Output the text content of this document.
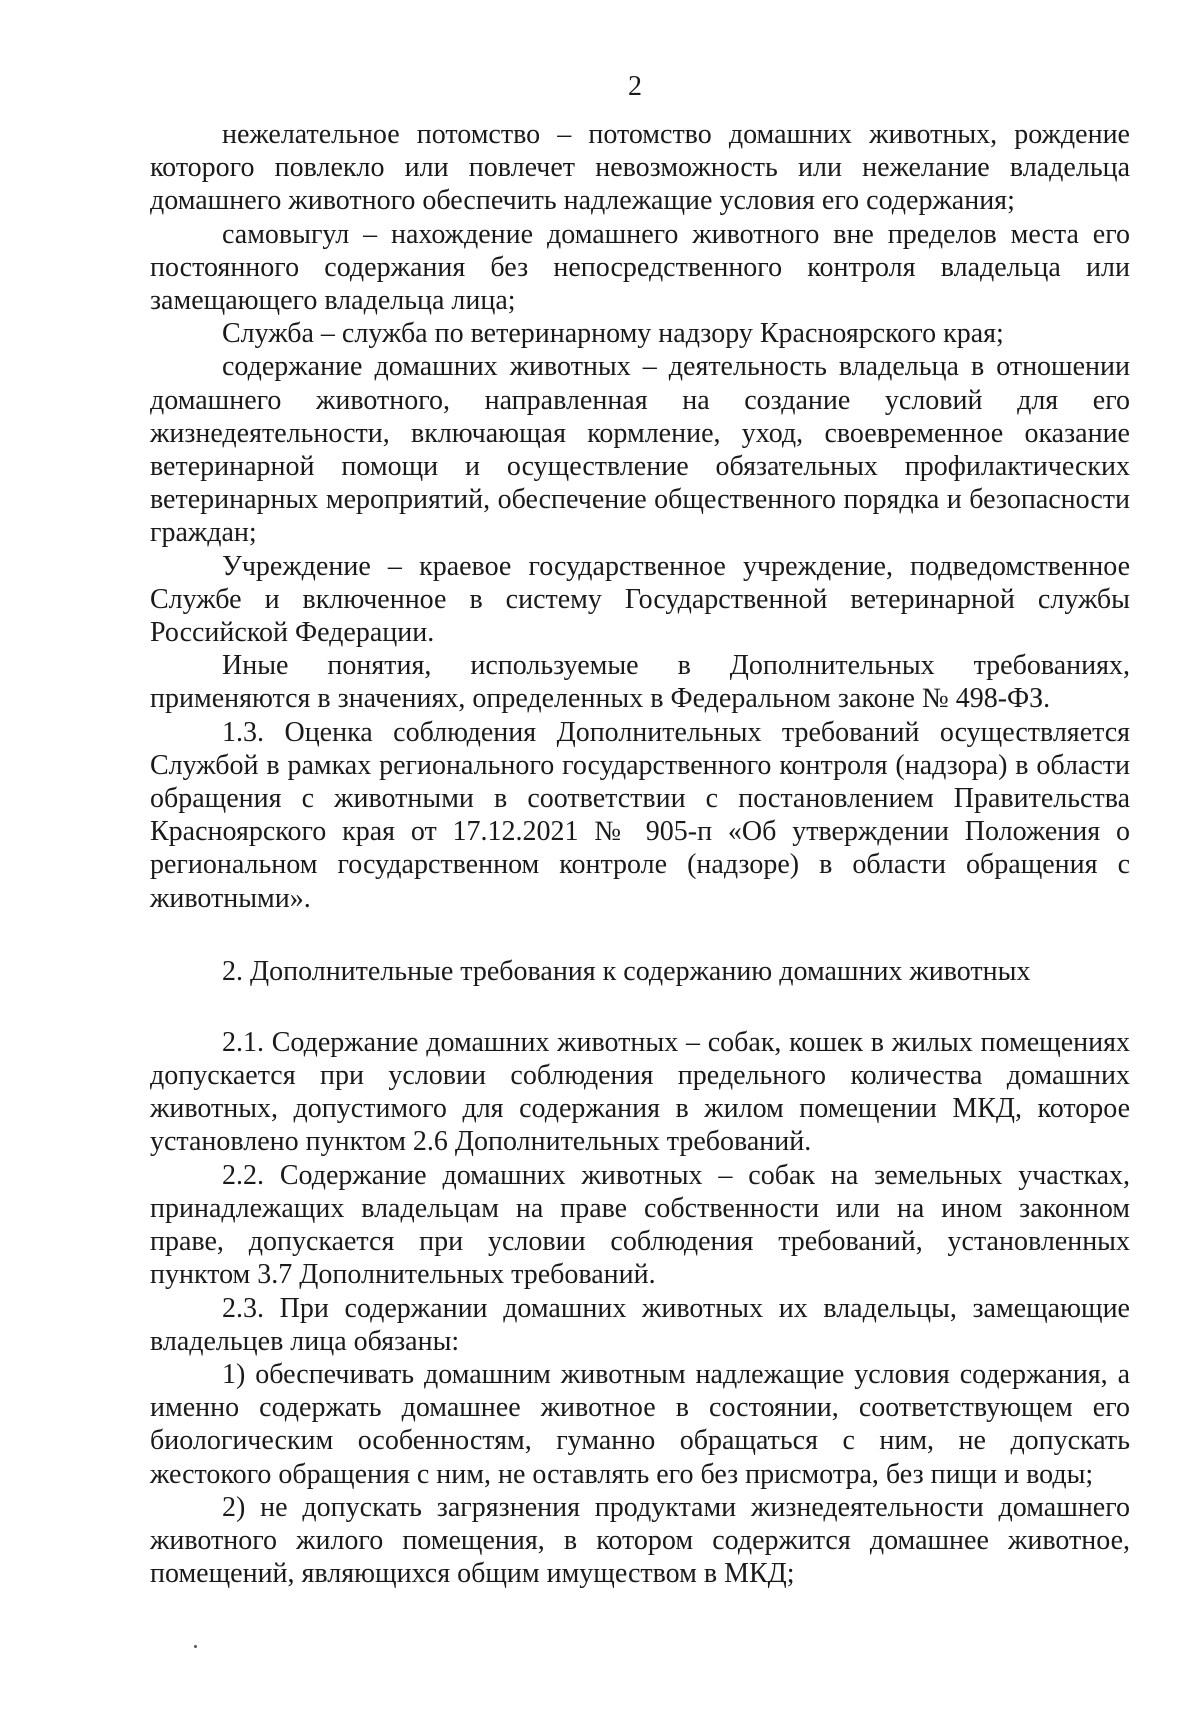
2

нежелательное потомство – потомство домашних животных, рождение которого повлекло или повлечет невозможность или нежелание владельца домашнего животного обеспечить надлежащие условия его содержания;

самовыгул – нахождение домашнего животного вне пределов места его постоянного содержания без непосредственного контроля владельца или замещающего владельца лица;

Служба – служба по ветеринарному надзору Красноярского края;

содержание домашних животных – деятельность владельца в отношении домашнего животного, направленная на создание условий для его жизнедеятельности, включающая кормление, уход, своевременное оказание ветеринарной помощи и осуществление обязательных профилактических ветеринарных мероприятий, обеспечение общественного порядка и безопасности граждан;

Учреждение – краевое государственное учреждение, подведомственное Службе и включенное в систему Государственной ветеринарной службы Российской Федерации.

Иные понятия, используемые в Дополнительных требованиях, применяются в значениях, определенных в Федеральном законе № 498-ФЗ.

1.3. Оценка соблюдения Дополнительных требований осуществляется Службой в рамках регионального государственного контроля (надзора) в области обращения с животными в соответствии с постановлением Правительства Красноярского края от 17.12.2021 № 905-п «Об утверждении Положения о региональном государственном контроле (надзоре) в области обращения с животными».

2. Дополнительные требования к содержанию домашних животных

2.1. Содержание домашних животных – собак, кошек в жилых помещениях допускается при условии соблюдения предельного количества домашних животных, допустимого для содержания в жилом помещении МКД, которое установлено пунктом 2.6 Дополнительных требований.

2.2. Содержание домашних животных – собак на земельных участках, принадлежащих владельцам на праве собственности или на ином законном праве, допускается при условии соблюдения требований, установленных пунктом 3.7 Дополнительных требований.

2.3. При содержании домашних животных их владельцы, замещающие владельцев лица обязаны:

1) обеспечивать домашним животным надлежащие условия содержания, а именно содержать домашнее животное в состоянии, соответствующем его биологическим особенностям, гуманно обращаться с ним, не допускать жестокого обращения с ним, не оставлять его без присмотра, без пищи и воды;

2) не допускать загрязнения продуктами жизнедеятельности домашнего животного жилого помещения, в котором содержится домашнее животное, помещений, являющихся общим имуществом в МКД;
